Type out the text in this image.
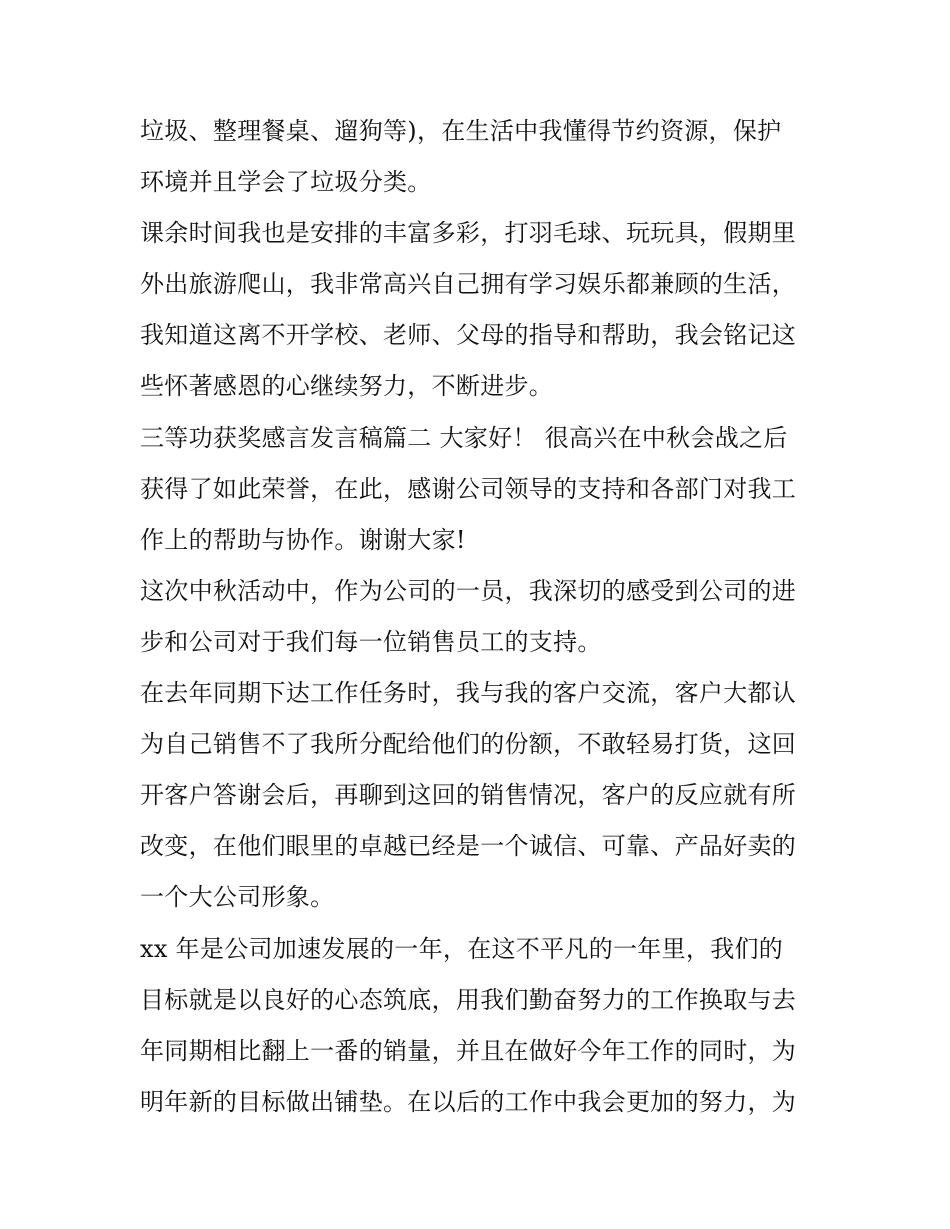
垃圾、整理餐桌、遛狗等)，在生活中我懂得节约资源，保护
环境并且学会了垃圾分类。
课余时间我也是安排的丰富多彩，打羽毛球、玩玩具，假期里
外出旅游爬山，我非常高兴自己拥有学习娱乐都兼顾的生活，
我知道这离不开学校、老师、父母的指导和帮助，我会铭记这
些怀著感恩的心继续努力，不断进步。
三等功获奖感言发言稿篇二 大家好！ 很高兴在中秋会战之后
获得了如此荣誉，在此，感谢公司领导的支持和各部门对我工
作上的帮助与协作。谢谢大家!
这次中秋活动中，作为公司的一员，我深切的感受到公司的进
步和公司对于我们每一位销售员工的支持。
在去年同期下达工作任务时，我与我的客户交流，客户大都认
为自己销售不了我所分配给他们的份额，不敢轻易打货，这回
开客户答谢会后，再聊到这回的销售情况，客户的反应就有所
改变，在他们眼里的卓越已经是一个诚信、可靠、产品好卖的
一个大公司形象。
xx 年是公司加速发展的一年，在这不平凡的一年里，我们的
目标就是以良好的心态筑底，用我们勤奋努力的工作换取与去
年同期相比翻上一番的销量，并且在做好今年工作的同时，为
明年新的目标做出铺垫。在以后的工作中我会更加的努力，为
